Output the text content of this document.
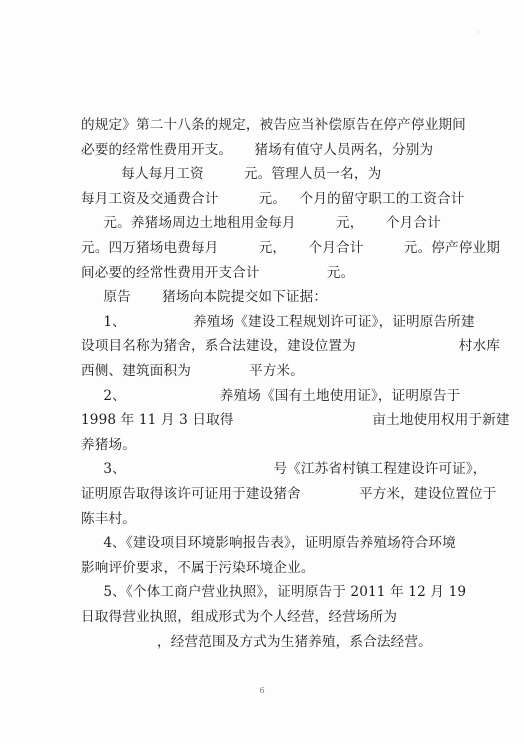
·
的规定》第二十八条的规定，被告应当补偿原告在停产停业期间
必要的经常性费用开支。     猪场有值守人员两名，分别为
每人每月工资         元。管理人员一名，为
每月工资及交通费合计         元。   个月的留守职工的工资合计
元。养猪场周边土地租用金每月         元，     个月合计
元。四万猪场电费每月         元，     个月合计         元。停产停业期
间必要的经常性费用开支合计               元。
原告       猪场向本院提交如下证据：
1、               养殖场《建设工程规划许可证》，证明原告所建
设项目名称为猪舍，系合法建设，建设位置为                       村水库
西侧、建筑面积为             平方米。
2、                     养殖场《国有土地使用证》，证明原告于
1998 年 11 月 3 日取得                               亩土地使用权用于新建
养猪场。
3、                                 号《江苏省村镇工程建设许可证》，
证明原告取得该许可证用于建设猪舍             平方米，建设位置位于
陈丰村。
4、《建设项目环境影响报告表》，证明原告养殖场符合环境
影响评价要求，不属于污染环境企业。
5、《个体工商户营业执照》，证明原告于 2011 年 12 月 19
日取得营业执照，组成形式为个人经营，经营场所为
，经营范围及方式为生猪养殖，系合法经营。
6
